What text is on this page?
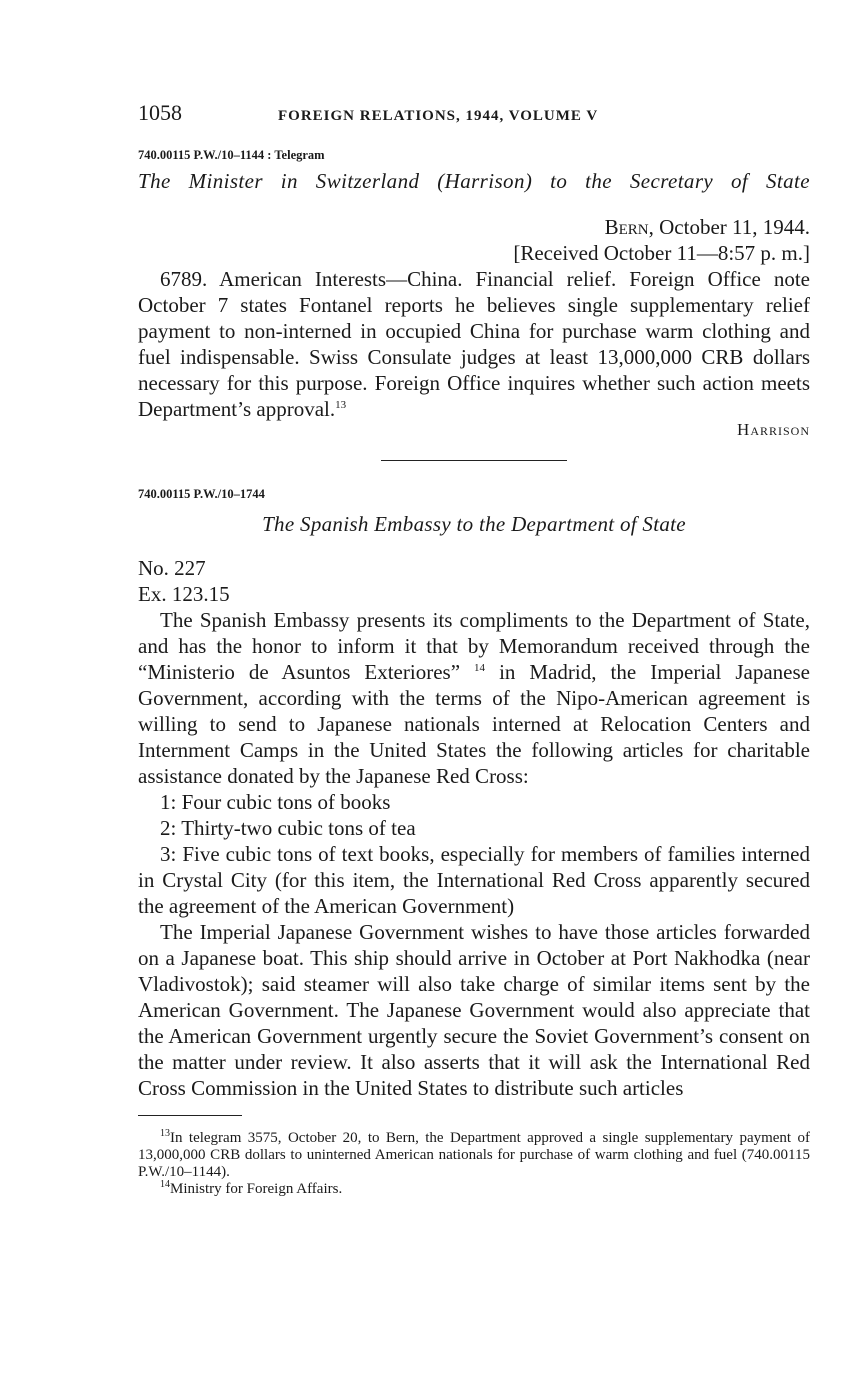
1058	FOREIGN RELATIONS, 1944, VOLUME V
740.00115 P.W./10–1144 : Telegram
The Minister in Switzerland (Harrison) to the Secretary of State
Bern, October 11, 1944.
[Received October 11—8:57 p. m.]

6789. American Interests—China. Financial relief. Foreign Office note October 7 states Fontanel reports he believes single supplementary relief payment to non-interned in occupied China for purchase warm clothing and fuel indispensable. Swiss Consulate judges at least 13,000,000 CRB dollars necessary for this purpose. Foreign Office inquires whether such action meets Department’s approval.$^{13}$

Harrison
740.00115 P.W./10–1744
The Spanish Embassy to the Department of State
No. 227
Ex. 123.15

The Spanish Embassy presents its compliments to the Department of State, and has the honor to inform it that by Memorandum received through the “Ministerio de Asuntos Exteriores” $^{14}$ in Madrid, the Imperial Japanese Government, according with the terms of the Nipo-American agreement is willing to send to Japanese nationals interned at Relocation Centers and Internment Camps in the United States the following articles for charitable assistance donated by the Japanese Red Cross:

1: Four cubic tons of books
2: Thirty-two cubic tons of tea

3: Five cubic tons of text books, especially for members of families interned in Crystal City (for this item, the International Red Cross apparently secured the agreement of the American Government)

The Imperial Japanese Government wishes to have those articles forwarded on a Japanese boat. This ship should arrive in October at Port Nakhodka (near Vladivostok); said steamer will also take charge of similar items sent by the American Government. The Japanese Government would also appreciate that the American Government urgently secure the Soviet Government’s consent on the matter under review. It also asserts that it will ask the International Red Cross Commission in the United States to distribute such articles

$^{13}$In telegram 3575, October 20, to Bern, the Department approved a single supplementary payment of 13,000,000 CRB dollars to uninterned American nationals for purchase of warm clothing and fuel (740.00115 P.W./10–1144).

$^{14}$Ministry for Foreign Affairs.
